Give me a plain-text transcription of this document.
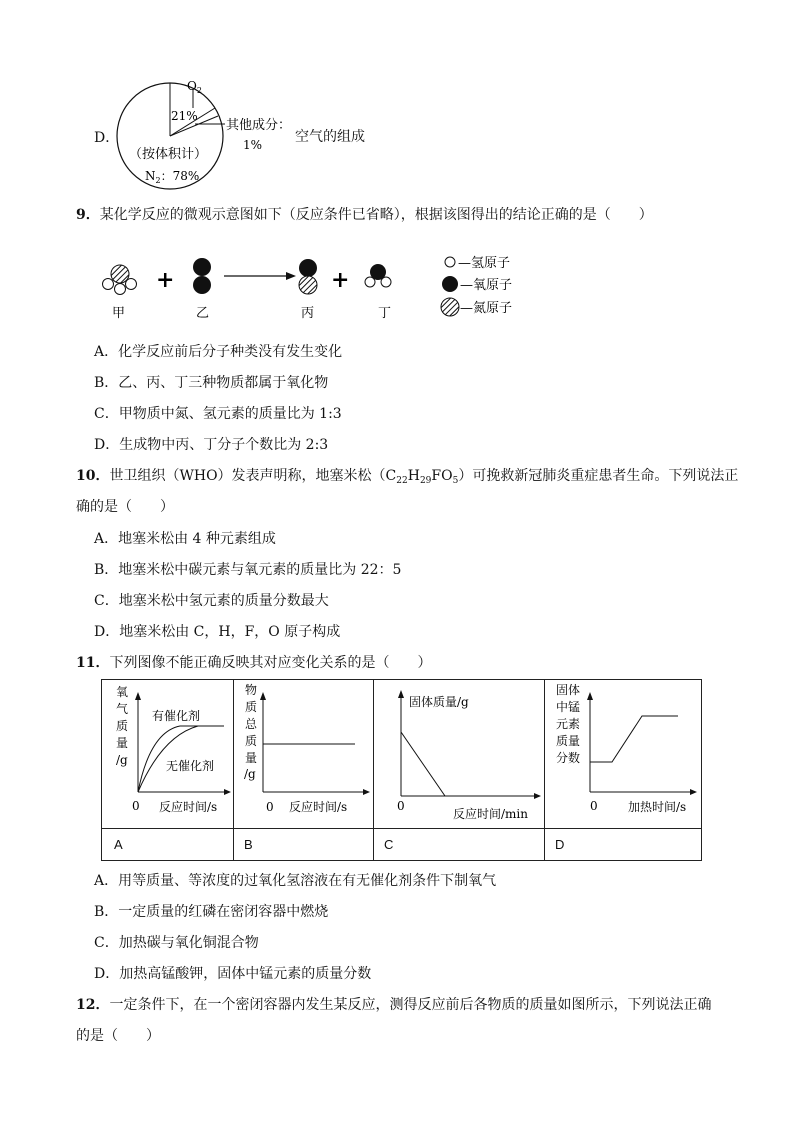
D．
$O_2$
21%
其他成分：
1%
（按体积计）
$N_2$：78%
空气的组成
9．某化学反应的微观示意图如下（反应条件已省略），根据该图得出的结论正确的是（　　）
甲
+
乙	丙
+
丁
—氢原子
—氧原子
—氮原子
A．化学反应前后分子种类没有发生变化
B．乙、丙、丁三种物质都属于氧化物
C．甲物质中氮、氢元素的质量比为 1:3
D．生成物中丙、丁分子个数比为 2:3
10．世卫组织（WHO）发表声明称，地塞米松$(C_{22}H_{29}FO_5)$可挽救新冠肺炎重症患者生命。下列说法正
确的是（　　）
A．地塞米松由 4 种元素组成
B．地塞米松中碳元素与氧元素的质量比为 22：5
C．地塞米松中氢元素的质量分数最大
D．地塞米松由 C，H，F，O 原子构成
11．下列图像不能正确反映其对应变化关系的是（　　）
A	B	C	D
氧气质量/g
0 反应时间/s
有催化剂
无催化剂
物质总质量/g
0 反应时间/s
固体质量/g
0
反应时间/min
固体中锰元素质量分数
0	加热时间/s
A．用等质量、等浓度的过氧化氢溶液在有无催化剂条件下制氧气
B．一定质量的红磷在密闭容器中燃烧
C．加热碳与氧化铜混合物
D．加热高锰酸钾，固体中锰元素的质量分数
12．一定条件下，在一个密闭容器内发生某反应，测得反应前后各物质的质量如图所示，下列说法正确
的是（　　）
